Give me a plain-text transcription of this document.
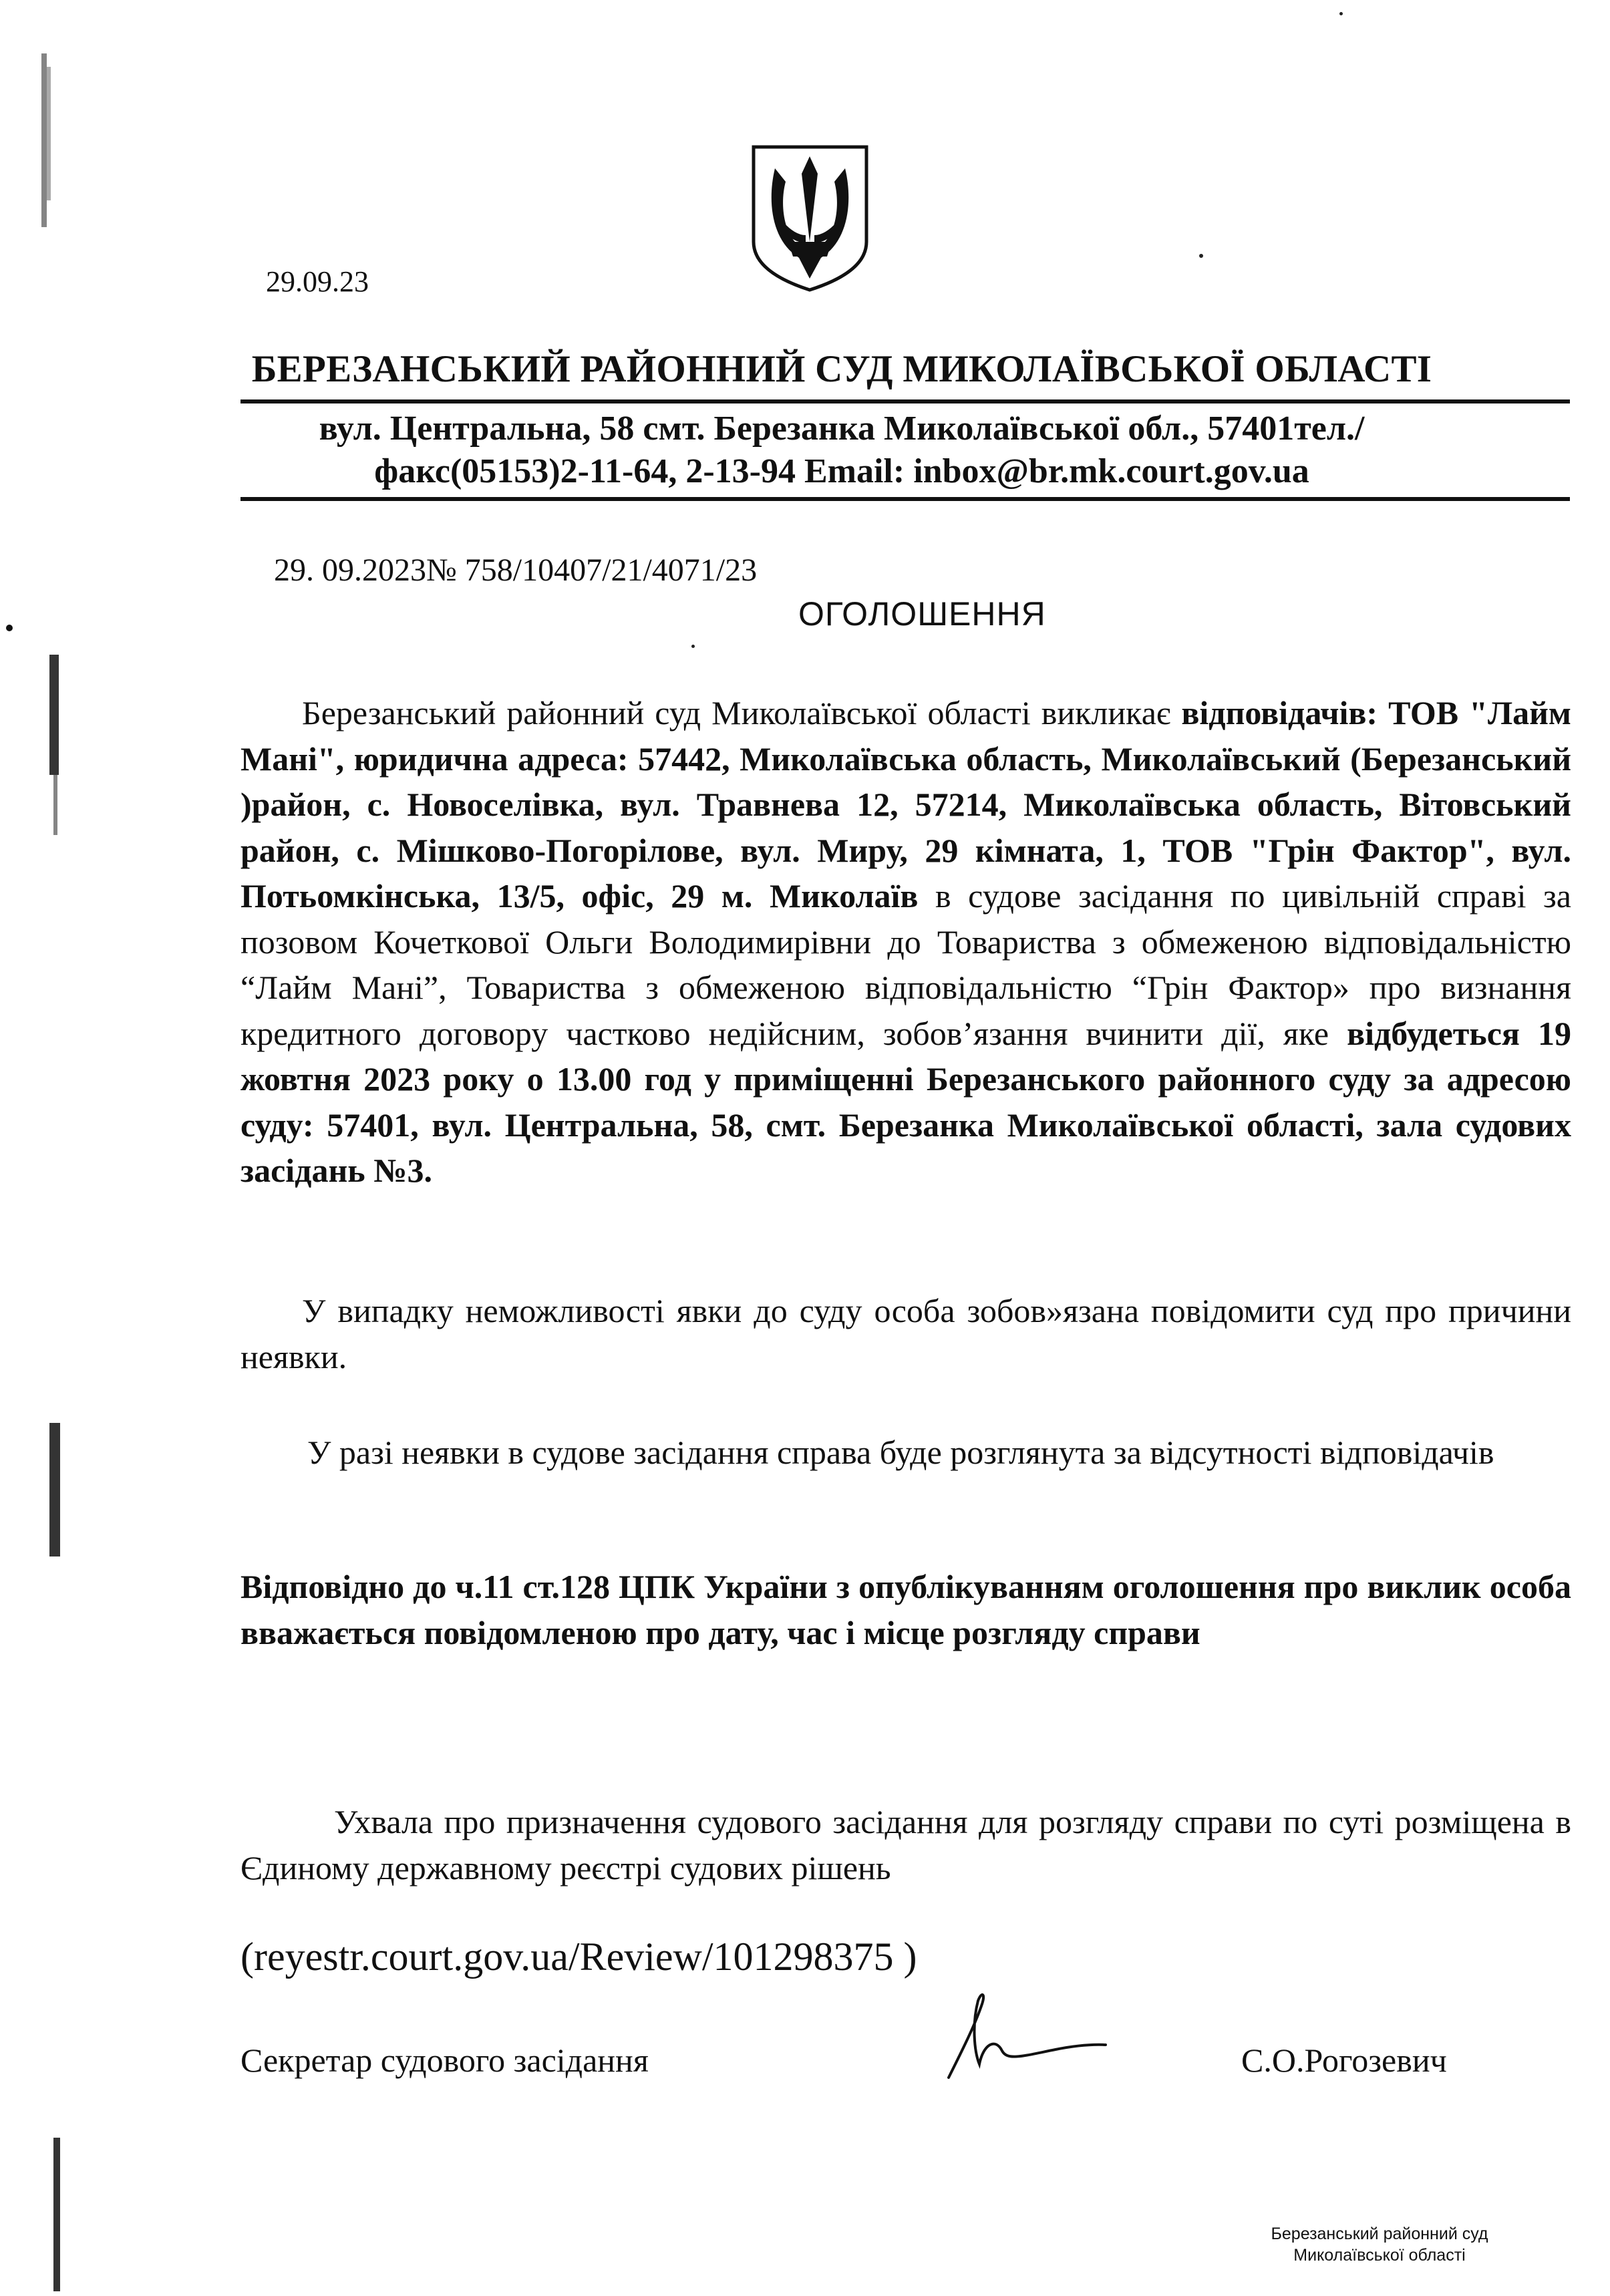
29.09.23
БЕРЕЗАНСЬКИЙ РАЙОННИЙ СУД МИКОЛАЇВСЬКОЇ ОБЛАСТІ
вул. Центральна, 58 смт. Березанка Миколаївської обл., 57401тел./
факс(05153)2-11-64, 2-13-94 Email: inbox@br.mk.court.gov.ua
29. 09.2023№ 758/10407/21/4071/23
ОГОЛОШЕННЯ

Березанський районний суд Миколаївської області викликає відповідачів: ТОВ "Лайм Мані", юридична адреса: 57442, Миколаївська область, Миколаївський (Березанський )район, с. Новоселівка, вул. Травнева 12, 57214, Миколаївська область, Вітовський район, с. Мішково-Погорілове, вул. Миру, 29 кімната, 1, ТОВ "Грін Фактор", вул. Потьомкінська, 13/5, офіс, 29 м. Миколаїв в судове засідання по цивільній справі за позовом Кочеткової Ольги Володимирівни до Товариства з обмеженою відповідальністю “Лайм Мані”, Товариства з обмеженою відповідальністю “Грін Фактор» про визнання кредитного договору частково недійсним, зобов’язання вчинити дії, яке відбудеться 19 жовтня 2023 року о 13.00 год у приміщенні Березанського районного суду за адресою суду: 57401, вул. Центральна, 58, смт. Березанка Миколаївської області, зала судових засідань №3.

У випадку неможливості явки до суду особа зобов»язана повідомити суд про причини неявки.

У разі неявки в судове засідання справа буде розглянута за відсутності відповідачів

Відповідно до ч.11 ст.128 ЦПК України з опублікуванням оголошення про виклик особа вважається повідомленою про дату, час і місце розгляду справи

Ухвала про призначення судового засідання для розгляду справи по суті розміщена в Єдиному державному реєстрі судових рішень

(reyestr.court.gov.ua/Review/101298375 )
Секретар судового засідання	С.О.Рогозевич
Березанський районний суд
Миколаївської області
